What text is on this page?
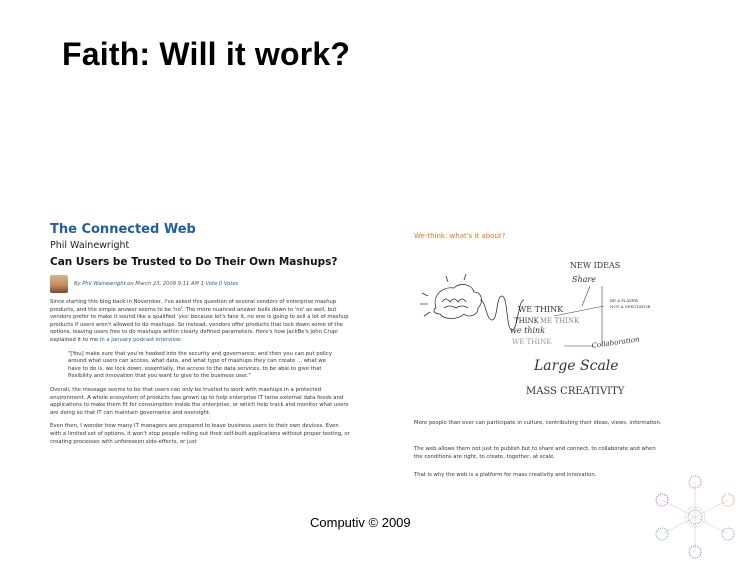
Faith: Will it work?
The Connected Web
Phil Wainewright
Can Users be Trusted to Do Their Own Mashups?
By Phil Wainewright on March 23, 2009 9:11 AM 1 Vote 0 Votes
Since starting this blog back in November, I've asked this question of several vendors of enterprise mashup products, and the simple answer seems to be 'no'. The more nuanced answer boils down to 'no' as well, but vendors prefer to make it sound like a qualified 'yes' because let's face it, no one is going to sell a lot of mashup products if users aren't allowed to do mashups. So instead, vendors offer products that lock down some of the options, leaving users free to do mashups within clearly defined parameters. Here's how JackBe's John Crupi explained it to me in a January podcast interview:
"[You] make sure that you're hooked into the security and governance; and then you can put policy around what users can access, what data, and what type of mashups they can create ... what we have to do is, we lock down, essentially, the access to the data services, to be able to give that flexibility and innovation that you want to give to the business user."
Overall, the message seems to be that users can only be trusted to work with mashups in a protected environment. A whole ecosystem of products has grown up to help enterprise IT tame external data feeds and applications to make them fit for consumption inside the enterprise, or which help track and monitor what users are doing so that IT can maintain governance and oversight.
Even then, I wonder how many IT managers are prepared to leave business users to their own devices. Even with a limited set of options, it won't stop people rolling out their self-built applications without proper testing, or creating processes with unforeseen side-effects, or just
We-think: what's it about?
NEW IDEAS
Share
WE THINK
THINK ME THINK
we think
WE THINK
BE A PLAYER
NOT A SPECTATOR
Collaboration
Large Scale
MASS CREATIVITY
More people than ever can participate in culture, contributing their ideas, views, information.
The web allows them not just to publish but to share and connect, to collaborate and when the conditions are right, to create, together, at scale.
That is why the web is a platform for mass creativity and innovation.
Computiv © 2009
